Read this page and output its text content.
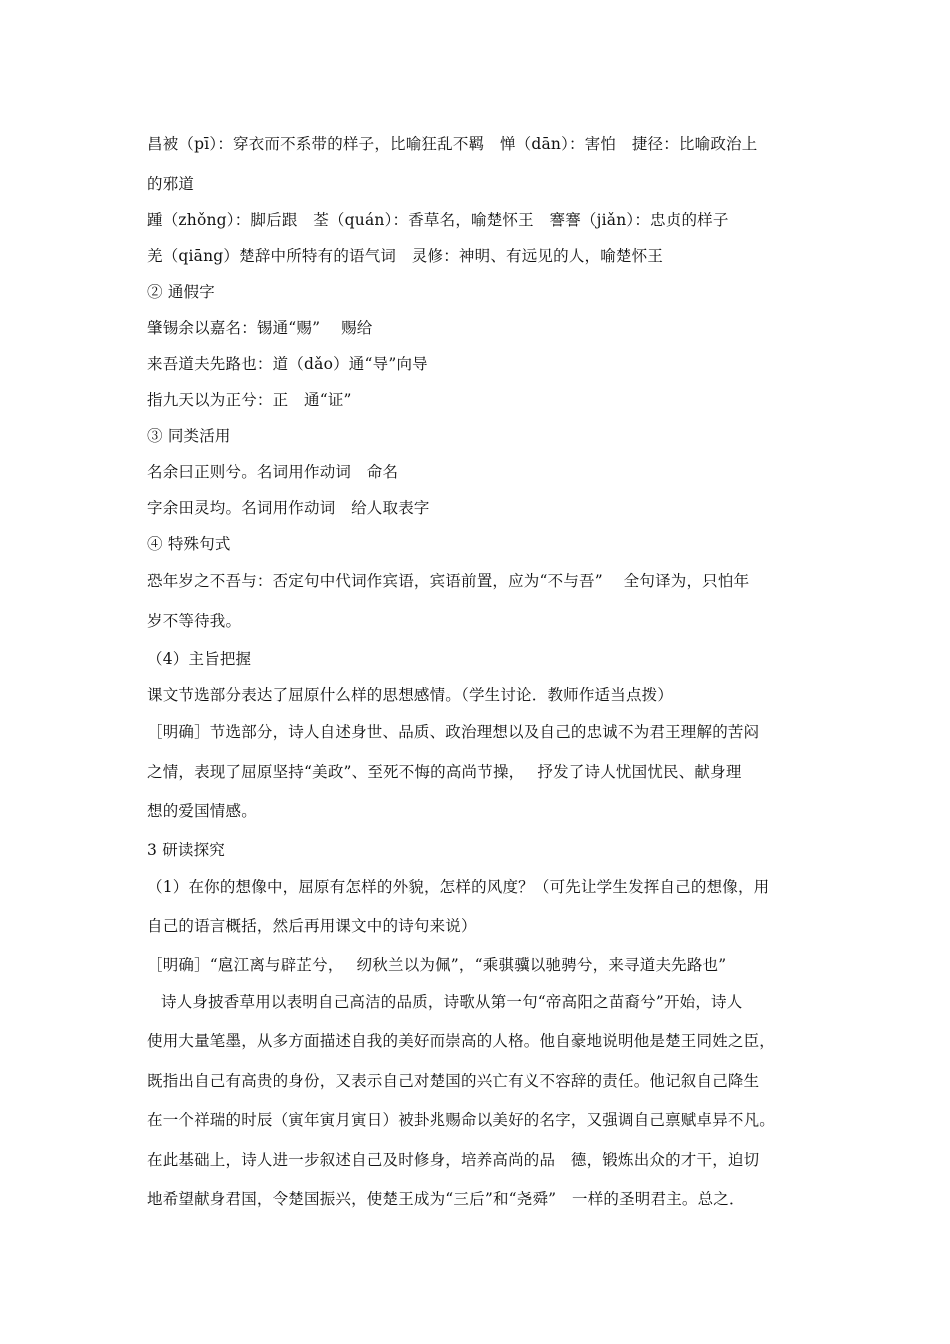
昌被（pī）：穿衣而不系带的样子，比喻狂乱不羁　惮（dān）：害怕　捷径：比喻政治上

的邪道

踵（zhǒng）：脚后跟　荃（quán）：香草名，喻楚怀王　謇謇（jiǎn）：忠贞的样子

羌（qiāng）楚辞中所特有的语气词　灵修：神明、有远见的人，喻楚怀王

② 通假字

肇锡余以嘉名：锡通“赐”　 赐给

来吾道夫先路也：道（dǎo）通“导”向导

指九天以为正兮：正　通“证”

③ 同类活用

名余曰正则兮。名词用作动词　命名

字余田灵均。名词用作动词　给人取表字

④ 特殊句式

恐年岁之不吾与：否定句中代词作宾语，宾语前置，应为“不与吾”　 全句译为，只怕年

岁不等待我。

（4）主旨把握

课文节选部分表达了屈原什么样的思想感情。（学生讨论．教师作适当点拨）

［明确］节选部分，诗人自述身世、品质、政治理想以及自己的忠诚不为君王理解的苦闷

之情，表现了屈原坚持“美政”、至死不悔的高尚节操，　 抒发了诗人忧国忧民、献身理

想的爱国情感。

3 研读探究

（1）在你的想像中，屈原有怎样的外貌，怎样的风度？（可先让学生发挥自己的想像，用

自己的语言概括，然后再用课文中的诗句来说）

［明确］“扈江离与辟芷兮，　 纫秋兰以为佩”，“乘骐骥以驰骋兮，来寻道夫先路也”

诗人身披香草用以表明自己高洁的品质，诗歌从第一句“帝高阳之苗裔兮”开始，诗人

使用大量笔墨，从多方面描述自我的美好而崇高的人格。他自豪地说明他是楚王同姓之臣，

既指出自己有高贵的身份，又表示自己对楚国的兴亡有义不容辞的责任。他记叙自己降生

在一个祥瑞的时辰（寅年寅月寅日）被卦兆赐命以美好的名字，又强调自己禀赋卓异不凡。

在此基础上，诗人进一步叙述自己及时修身，培养高尚的品　德，锻炼出众的才干，迫切

地希望献身君国，令楚国振兴，使楚王成为“三后”和“尧舜”　一样的圣明君主。总之．
